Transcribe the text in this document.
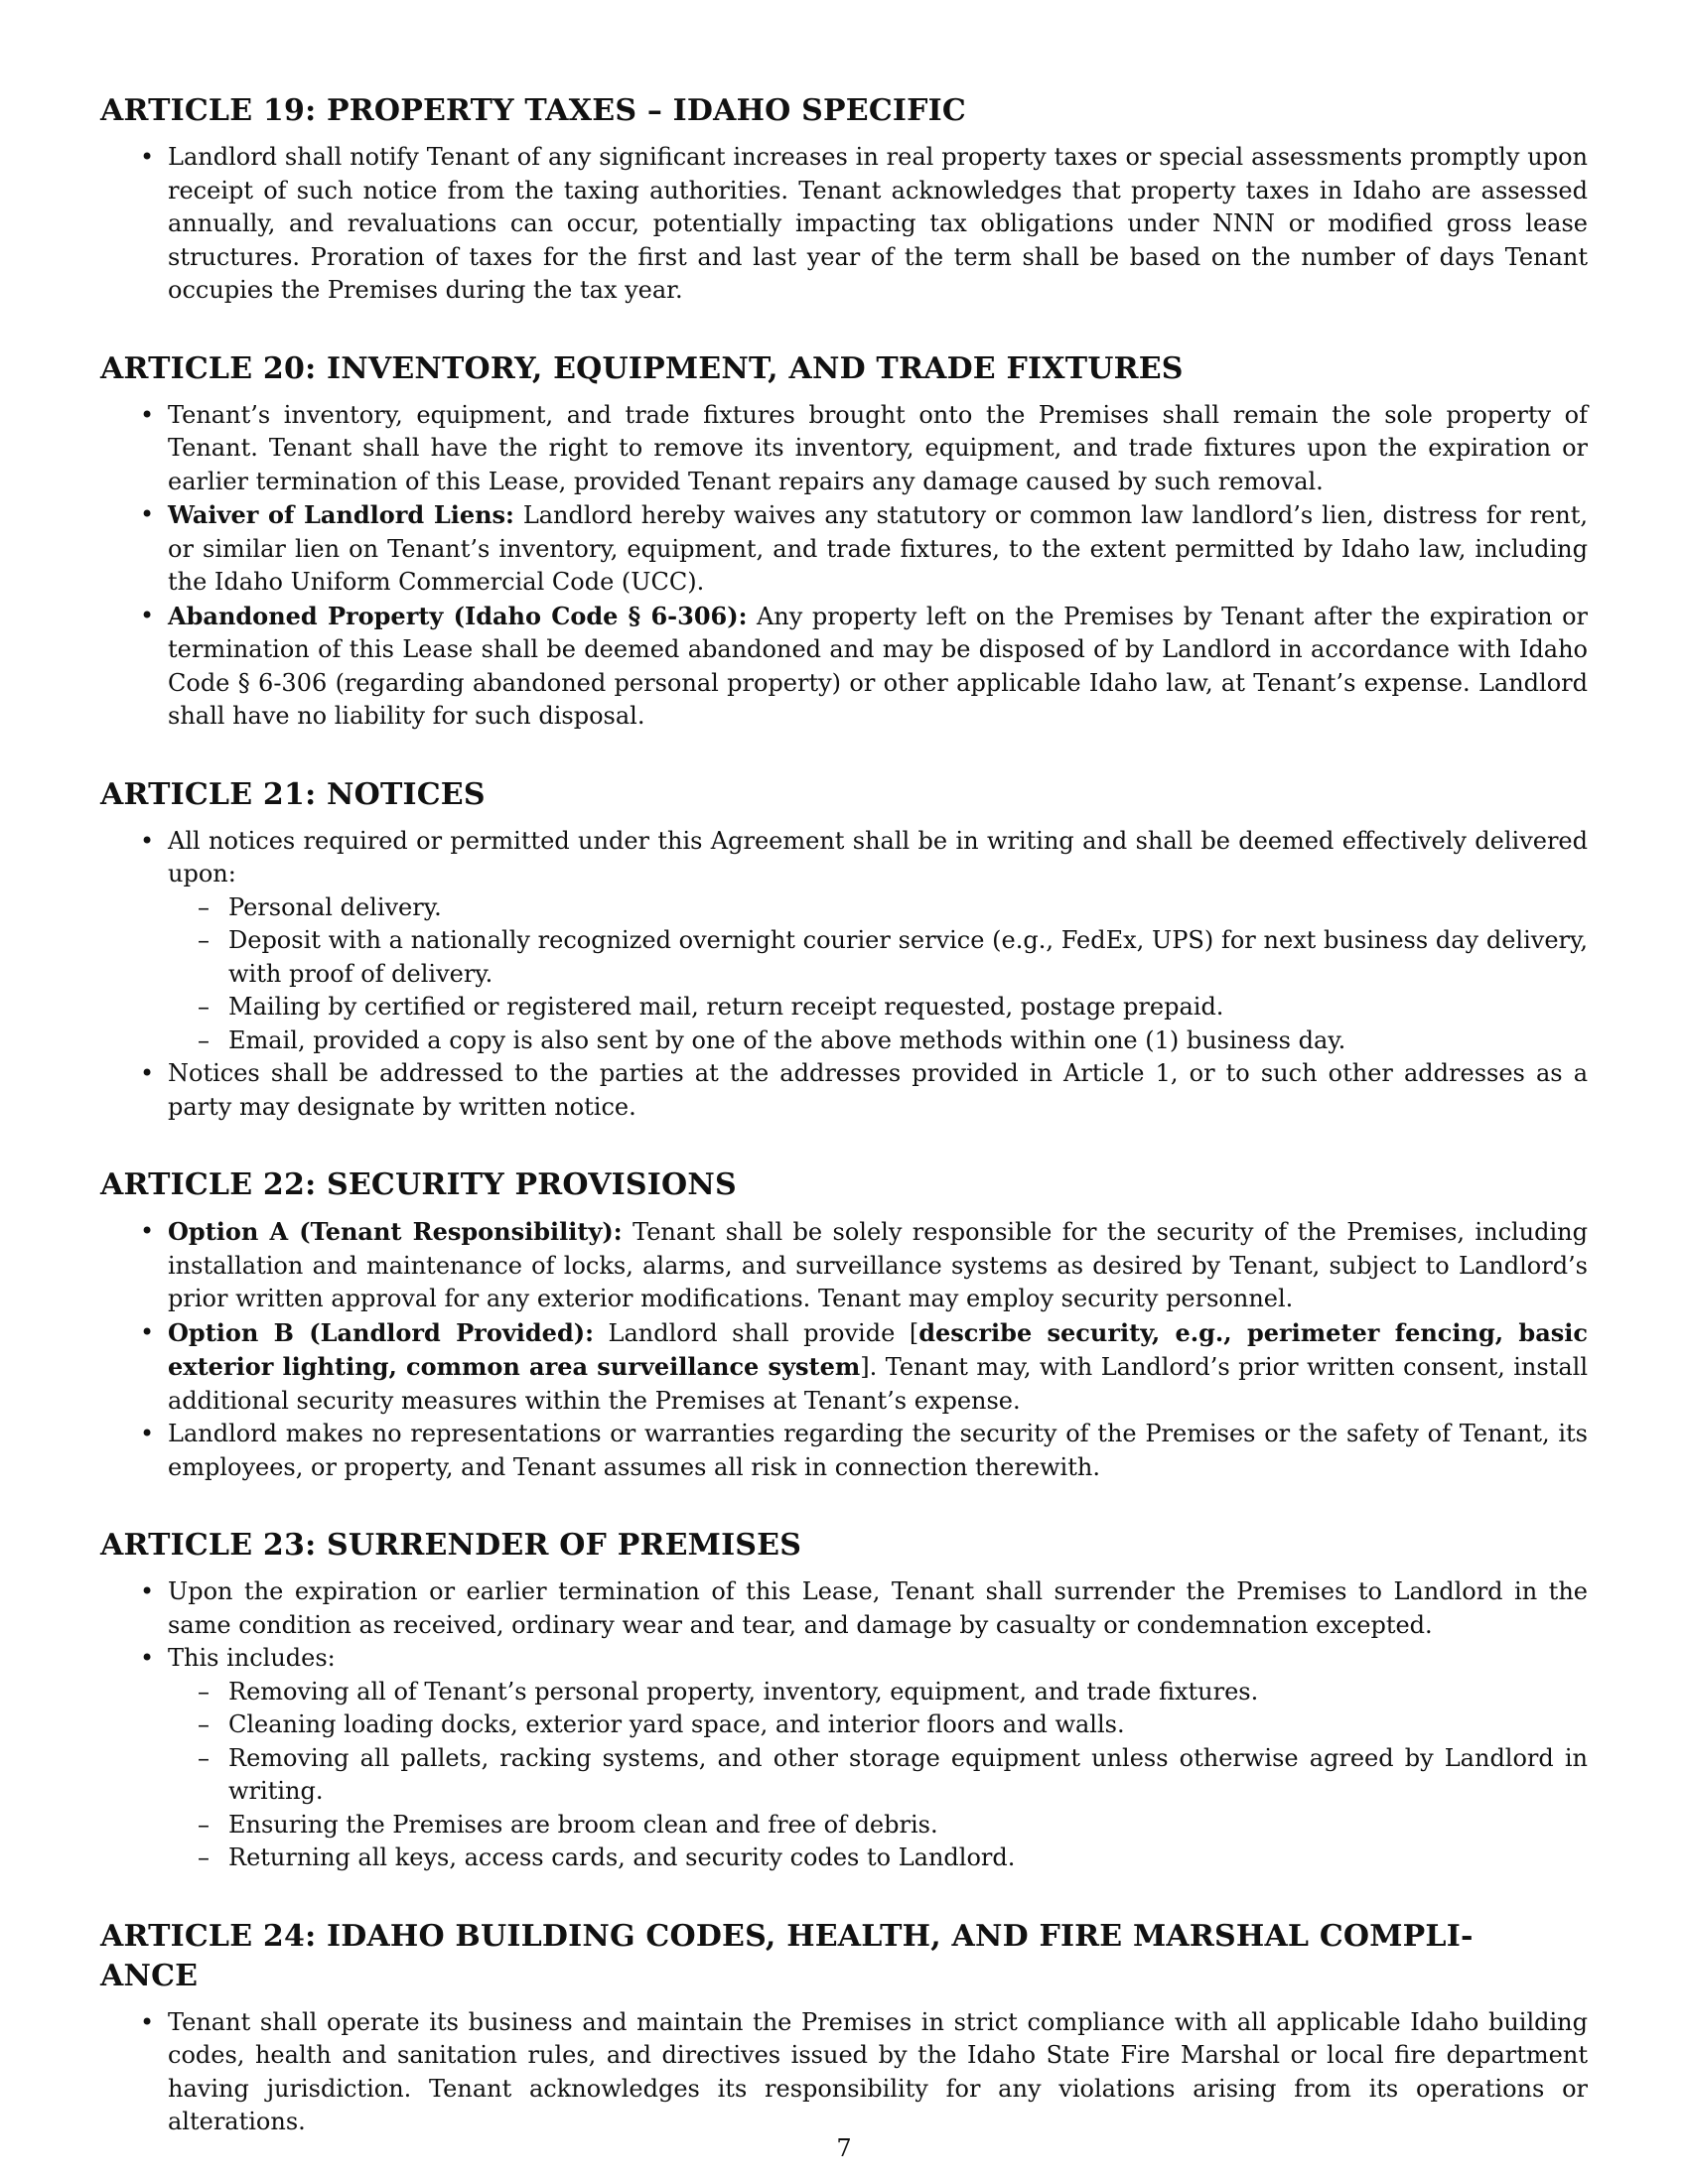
ARTICLE 19: PROPERTY TAXES – IDAHO SPECIFIC
• Landlord shall notify Tenant of any significant increases in real property taxes or special assessments promptly upon receipt of such notice from the taxing authorities. Tenant acknowledges that property taxes in Idaho are assessed annually, and revaluations can occur, potentially impacting tax obligations under NNN or modified gross lease structures. Proration of taxes for the first and last year of the term shall be based on the number of days Tenant occupies the Premises during the tax year.
ARTICLE 20: INVENTORY, EQUIPMENT, AND TRADE FIXTURES
• Tenant’s inventory, equipment, and trade fixtures brought onto the Premises shall remain the sole property of Tenant. Tenant shall have the right to remove its inventory, equipment, and trade fixtures upon the expiration or earlier termination of this Lease, provided Tenant repairs any damage caused by such removal.
• Waiver of Landlord Liens: Landlord hereby waives any statutory or common law landlord’s lien, distress for rent, or similar lien on Tenant’s inventory, equipment, and trade fixtures, to the extent permitted by Idaho law, including the Idaho Uniform Commercial Code (UCC).
• Abandoned Property (Idaho Code § 6-306): Any property left on the Premises by Tenant after the expiration or termination of this Lease shall be deemed abandoned and may be disposed of by Landlord in accordance with Idaho Code § 6-306 (regarding abandoned personal property) or other applicable Idaho law, at Tenant’s expense. Landlord shall have no liability for such disposal.
ARTICLE 21: NOTICES
• All notices required or permitted under this Agreement shall be in writing and shall be deemed effectively delivered upon:
– Personal delivery.
– Deposit with a nationally recognized overnight courier service (e.g., FedEx, UPS) for next business day delivery, with proof of delivery.
– Mailing by certified or registered mail, return receipt requested, postage prepaid.
– Email, provided a copy is also sent by one of the above methods within one (1) business day.
• Notices shall be addressed to the parties at the addresses provided in Article 1, or to such other addresses as a party may designate by written notice.
ARTICLE 22: SECURITY PROVISIONS
• Option A (Tenant Responsibility): Tenant shall be solely responsible for the security of the Premises, including installation and maintenance of locks, alarms, and surveillance systems as desired by Tenant, subject to Landlord’s prior written approval for any exterior modifications. Tenant may employ security personnel.
• Option B (Landlord Provided): Landlord shall provide [describe security, e.g., perimeter fencing, basic exterior lighting, common area surveillance system]. Tenant may, with Landlord’s prior written consent, install additional security measures within the Premises at Tenant’s expense.
• Landlord makes no representations or warranties regarding the security of the Premises or the safety of Tenant, its employees, or property, and Tenant assumes all risk in connection therewith.
ARTICLE 23: SURRENDER OF PREMISES
• Upon the expiration or earlier termination of this Lease, Tenant shall surrender the Premises to Landlord in the same condition as received, ordinary wear and tear, and damage by casualty or condemnation excepted.
• This includes:
– Removing all of Tenant’s personal property, inventory, equipment, and trade fixtures.
– Cleaning loading docks, exterior yard space, and interior floors and walls.
– Removing all pallets, racking systems, and other storage equipment unless otherwise agreed by Landlord in writing.
– Ensuring the Premises are broom clean and free of debris.
– Returning all keys, access cards, and security codes to Landlord.
ARTICLE 24: IDAHO BUILDING CODES, HEALTH, AND FIRE MARSHAL COMPLI-
ANCE
• Tenant shall operate its business and maintain the Premises in strict compliance with all applicable Idaho building codes, health and sanitation rules, and directives issued by the Idaho State Fire Marshal or local fire department having jurisdiction. Tenant acknowledges its responsibility for any violations arising from its operations or alterations.
7
